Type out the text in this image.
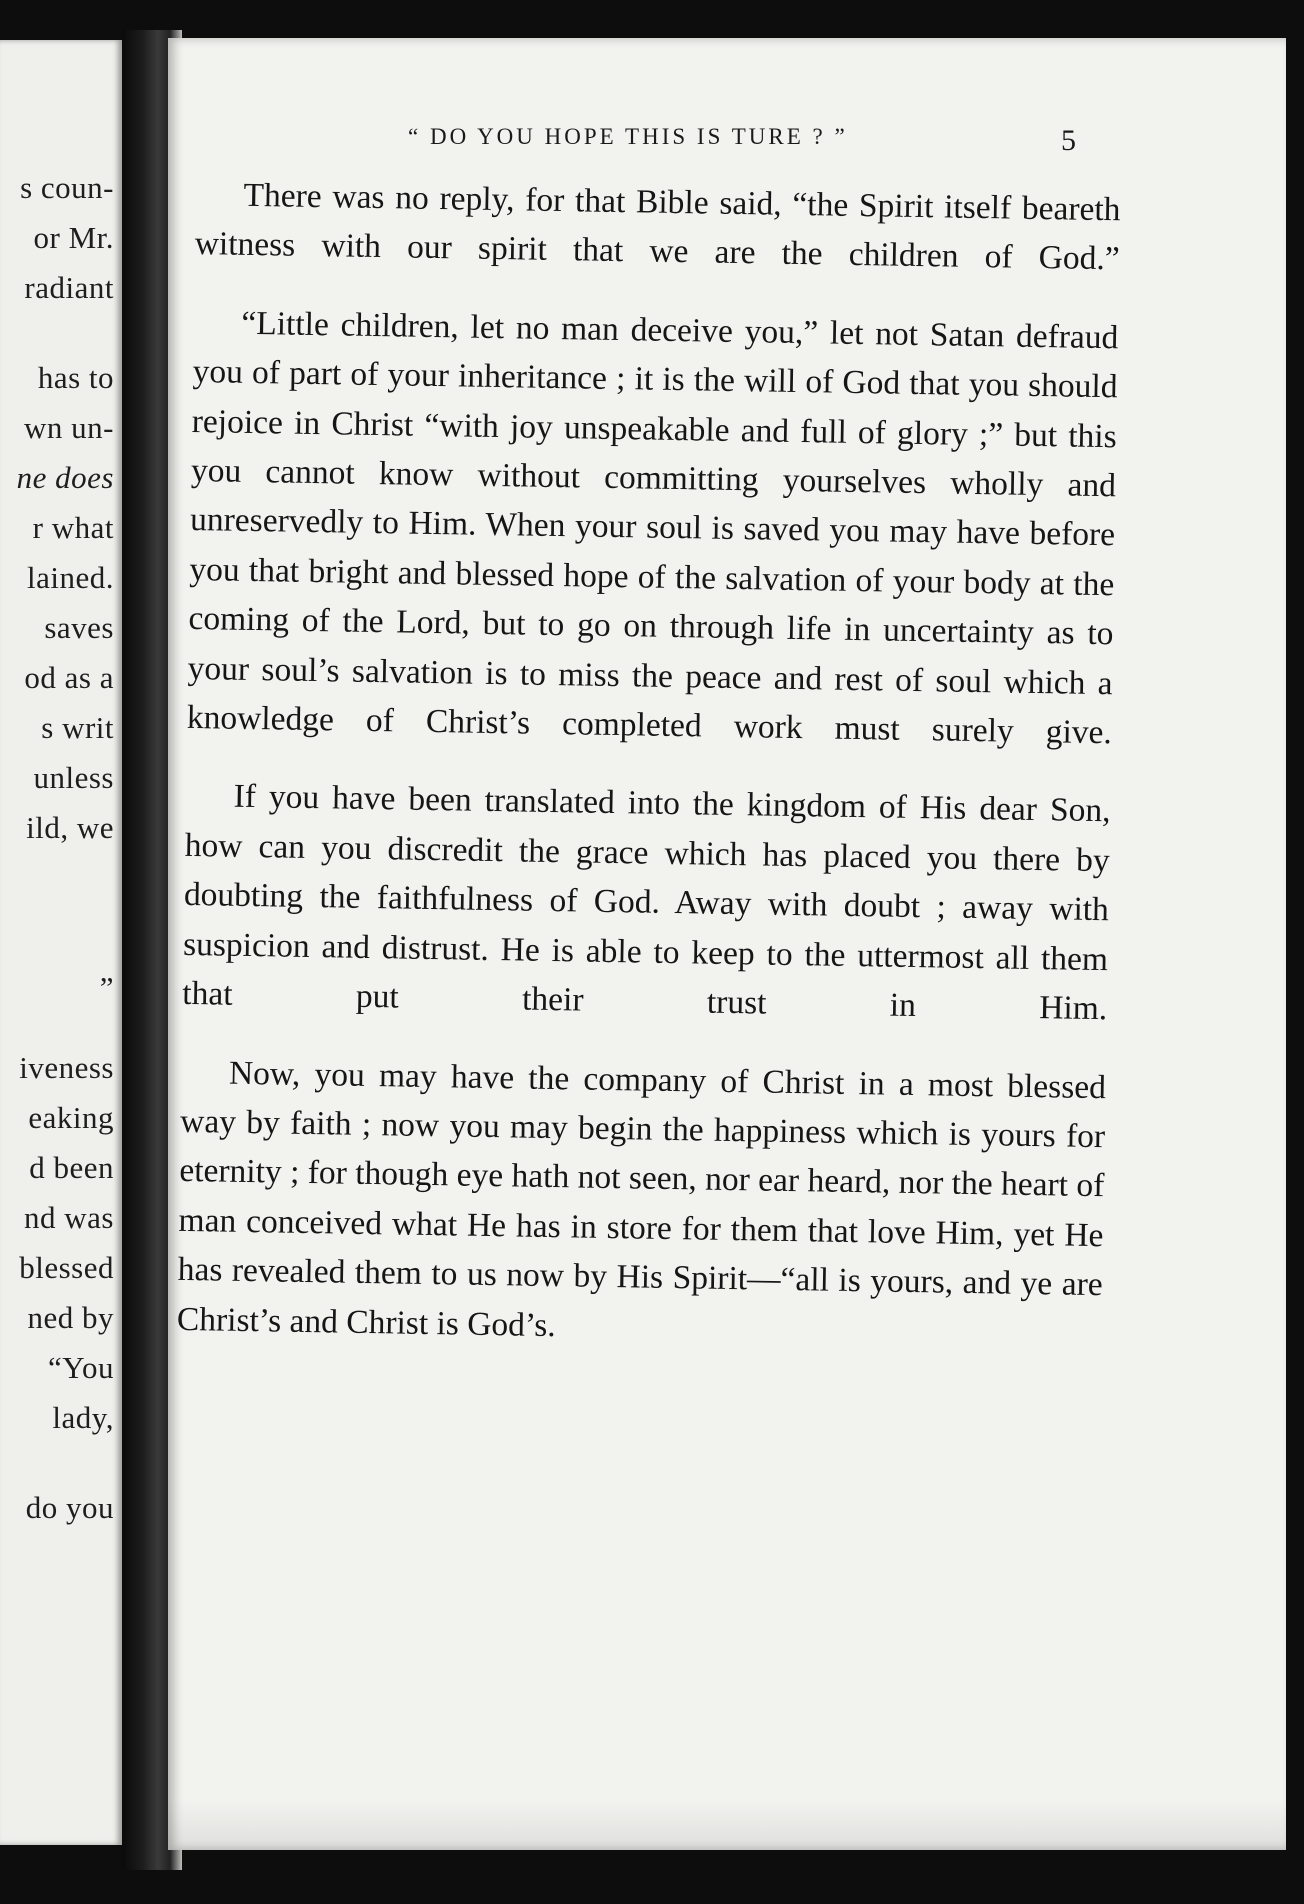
s coun-

or Mr.

radiant

has to

wn un-

ne does

r what

lained.

saves

od as a

s writ

unless

ild, we

”

iveness

eaking

d been

nd was

blessed

ned by

“You

lady,

do you

“ DO YOU HOPE THIS IS TURE ? ”	5

There was no reply, for that Bible said, “the Spirit itself beareth witness with our spirit that we are the children of God.”

“Little children, let no man deceive you,” let not Satan defraud you of part of your inheritance ; it is the will of God that you should rejoice in Christ “with joy unspeakable and full of glory ;” but this you cannot know without committing yourselves wholly and unreservedly to Him. When your soul is saved you may have before you that bright and blessed hope of the salvation of your body at the coming of the Lord, but to go on through life in uncertainty as to your soul’s salvation is to miss the peace and rest of soul which a knowledge of Christ’s completed work must surely give.

If you have been translated into the kingdom of His dear Son, how can you discredit the grace which has placed you there by doubting the faithfulness of God. Away with doubt ; away with suspicion and distrust. He is able to keep to the uttermost all them that put their trust in Him.

Now, you may have the company of Christ in a most blessed way by faith ; now you may begin the happiness which is yours for eternity ; for though eye hath not seen, nor ear heard, nor the heart of man conceived what He has in store for them that love Him, yet He has revealed them to us now by His Spirit—“all is yours, and ye are Christ’s and Christ is God’s.
